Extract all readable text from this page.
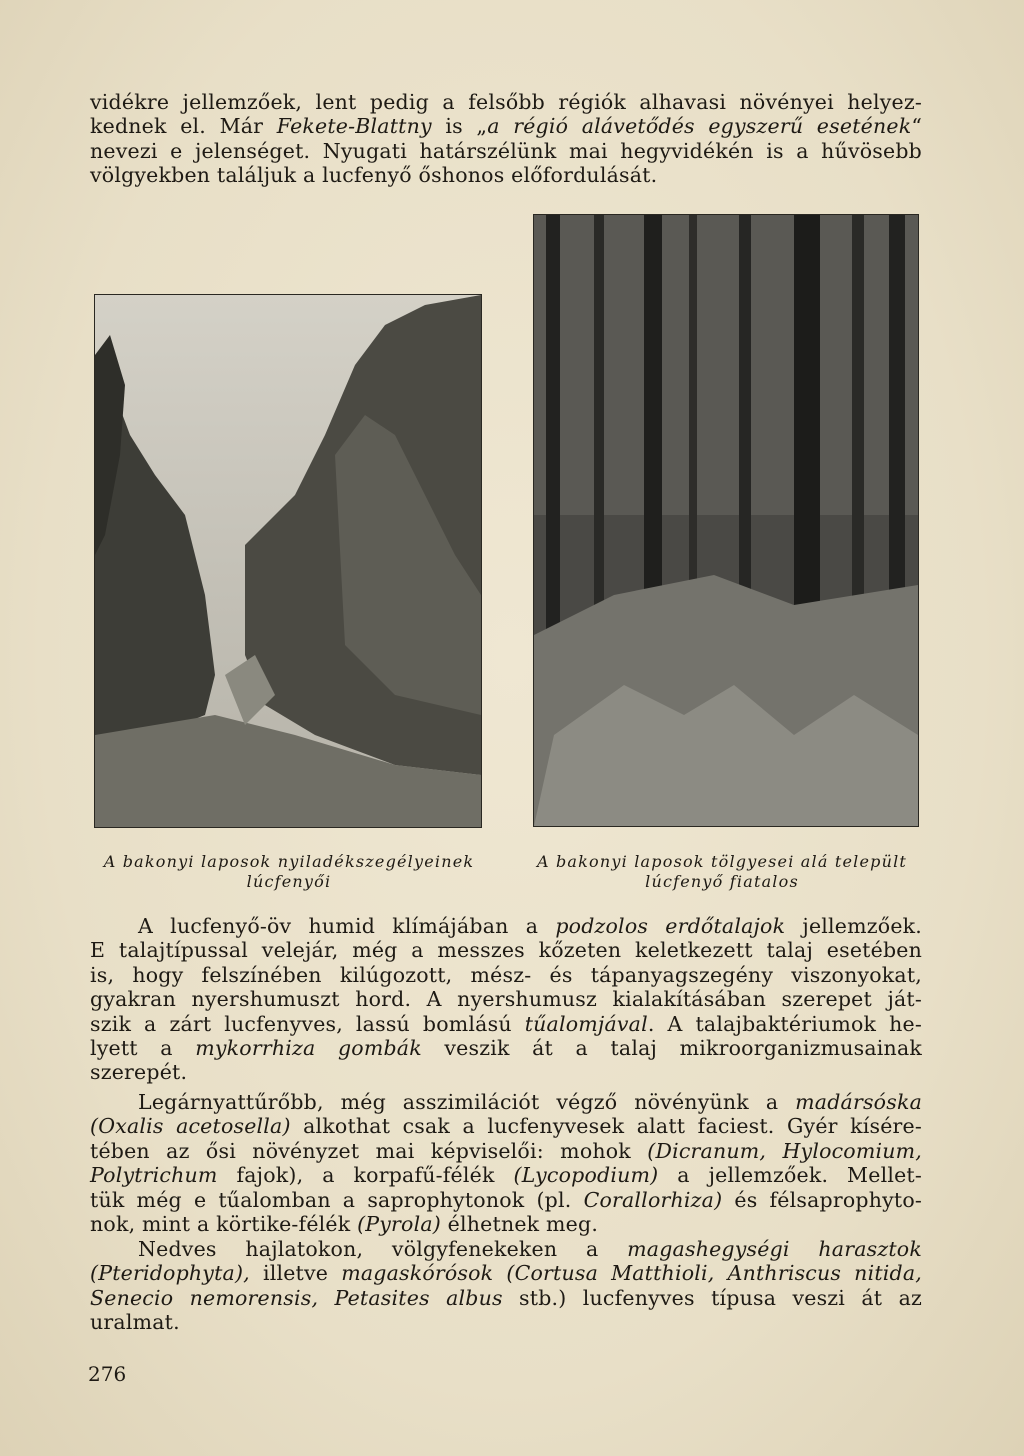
vidékre jellemzőek, lent pedig a felsőbb régiók alhavasi növényei helyez-
kednek el. Már Fekete-Blattny is „a régió alávetődés egyszerű esetének“
nevezi e jelenséget. Nyugati határszélünk mai hegyvidékén is a hűvösebb
völgyekben találjuk a lucfenyő őshonos előfordulását.

A bakonyi laposok nyiladékszegélyeinek
lúcfenyői

A bakonyi laposok tölgyesei alá települt
lúcfenyő fiatalos

A lucfenyő-öv humid klímájában a podzolos erdőtalajok jellemzőek.
E talajtípussal velejár, még a messzes kőzeten keletkezett talaj esetében
is, hogy felszínében kilúgozott, mész- és tápanyagszegény viszonyokat,
gyakran nyershumuszt hord. A nyershumusz kialakításában szerepet ját-
szik a zárt lucfenyves, lassú bomlású tűalomjával. A talajbaktériumok he-
lyett a mykorrhiza gombák veszik át a talaj mikroorganizmusainak
szerepét.

Legárnyattűrőbb, még asszimilációt végző növényünk a madársóska
(Oxalis acetosella) alkothat csak a lucfenyvesek alatt faciest. Gyér kísére-
tében az ősi növényzet mai képviselői: mohok (Dicranum, Hylocomium,
Polytrichum fajok), a korpafű-félék (Lycopodium) a jellemzőek. Mellet-
tük még e tűalomban a saprophytonok (pl. Corallorhiza) és félsaprophyto-
nok, mint a körtike-félék (Pyrola) élhetnek meg.

Nedves hajlatokon, völgyfenekeken a magashegységi harasztok
(Pteridophyta), illetve magaskórósok (Cortusa Matthioli, Anthriscus nitida,
Senecio nemorensis, Petasites albus stb.) lucfenyves típusa veszi át az
uralmat.

276
